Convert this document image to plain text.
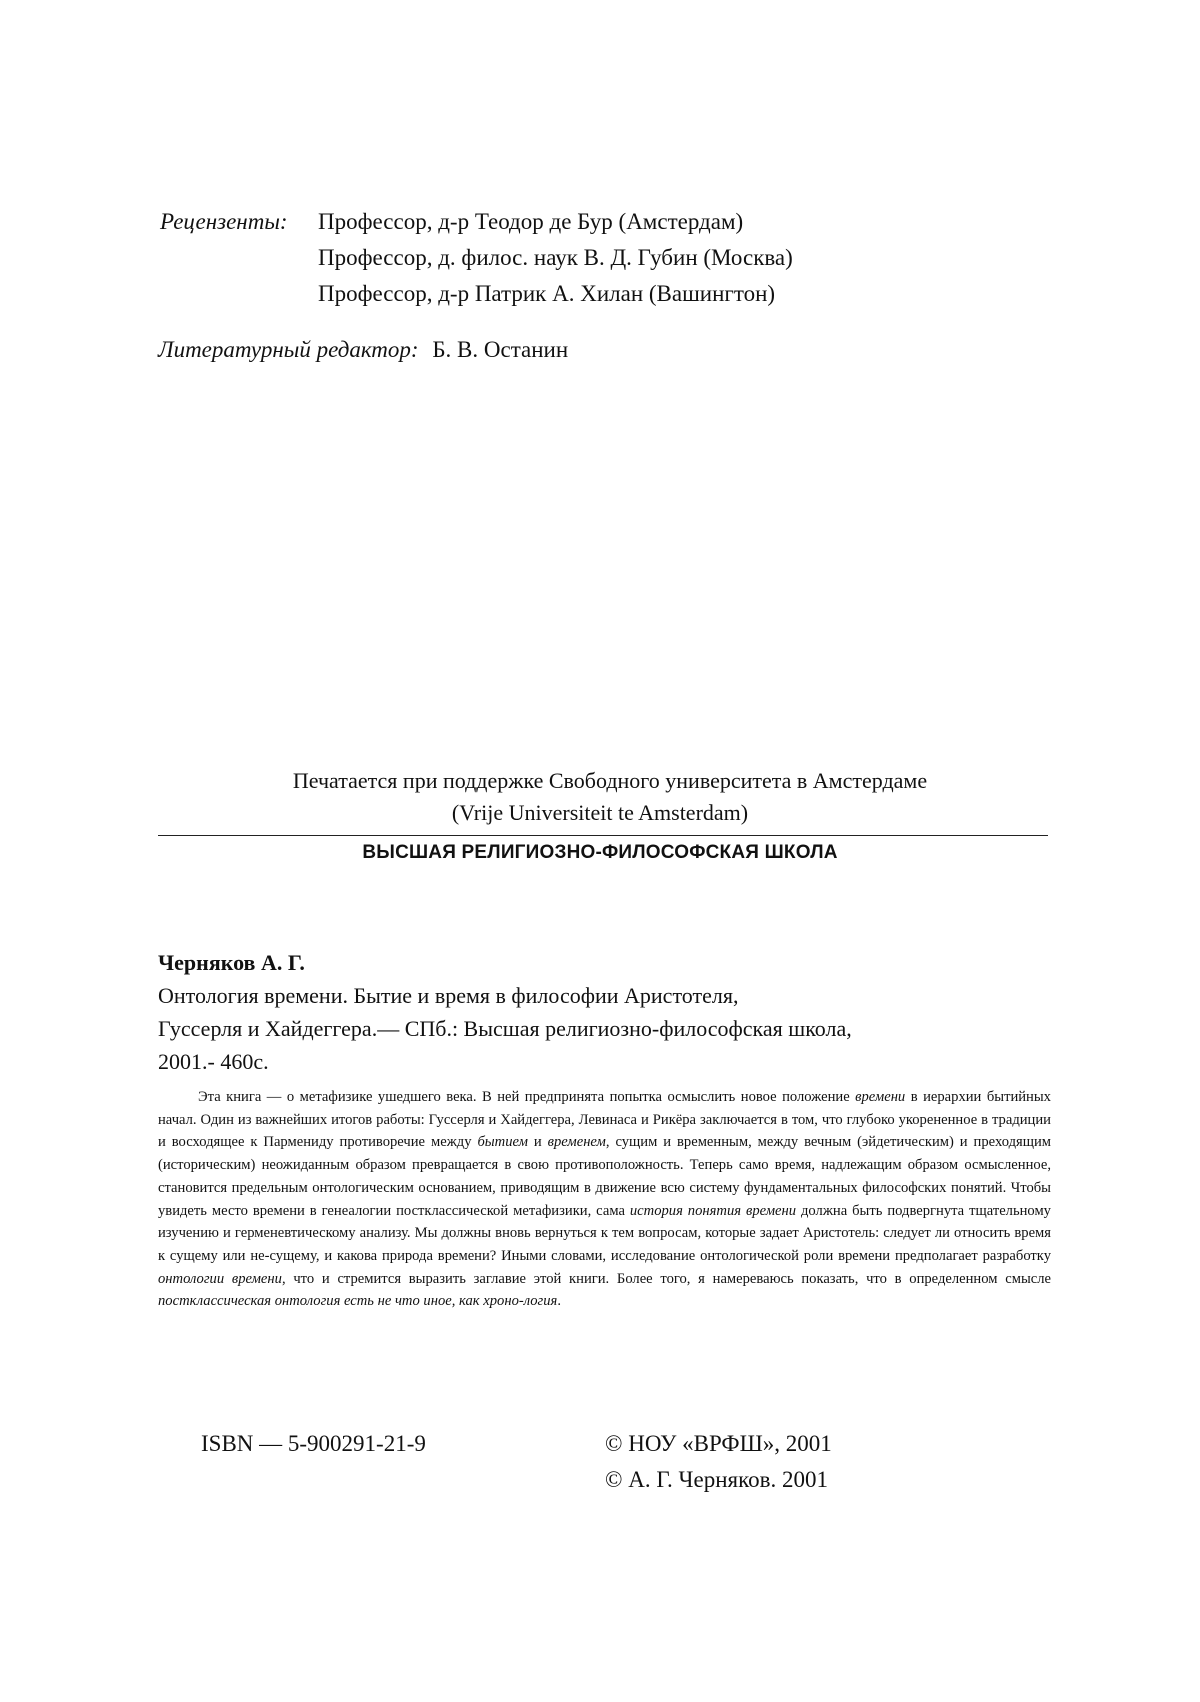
Рецензенты: Профессор, д-р Теодор де Бур (Амстердам)
Профессор, д. филос. наук В. Д. Губин (Москва)
Профессор, д-р Патрик А. Хилан (Вашингтон)
Литературный редактор: Б. В. Останин
Печатается при поддержке Свободного университета в Амстердаме
(Vrije Universiteit te Amsterdam)
ВЫСШАЯ РЕЛИГИОЗНО-ФИЛОСОФСКАЯ ШКОЛА
Черняков А. Г.
Онтология времени. Бытие и время в философии Аристотеля,
Гуссерля и Хайдеггера.— СПб.: Высшая религиозно-философская школа,
2001.- 460с.
Эта книга — о метафизике ушедшего века. В ней предпринята попытка осмыслить новое положение времени в иерархии бытийных начал. Один из важнейших итогов работы: Гуссерля и Хайдеггера, Левинаса и Рикёра заключается в том, что глубоко укорененное в традиции и восходящее к Пармениду противоречие между бытием и временем, сущим и временным, между вечным (эйдетическим) и преходящим (историческим) неожиданным образом превращается в свою противоположность. Теперь само время, надлежащим образом осмысленное, становится предельным онтологическим основанием, приводящим в движение всю систему фундаментальных философских понятий. Чтобы увидеть место времени в генеалогии постклассической метафизики, сама история понятия времени должна быть подвергнута тщательному изучению и герменевтическому анализу. Мы должны вновь вернуться к тем вопросам, которые задает Аристотель: следует ли относить время к сущему или не-сущему, и какова природа времени? Иными словами, исследование онтологической роли времени предполагает разработку онтологии времени, что и стремится выразить заглавие этой книги. Более того, я намереваюсь показать, что в определенном смысле постклассическая онтология есть не что иное, как хроно-логия.
ISBN — 5-900291-21-9	© НОУ «ВРФШ», 2001
© А. Г. Черняков. 2001
